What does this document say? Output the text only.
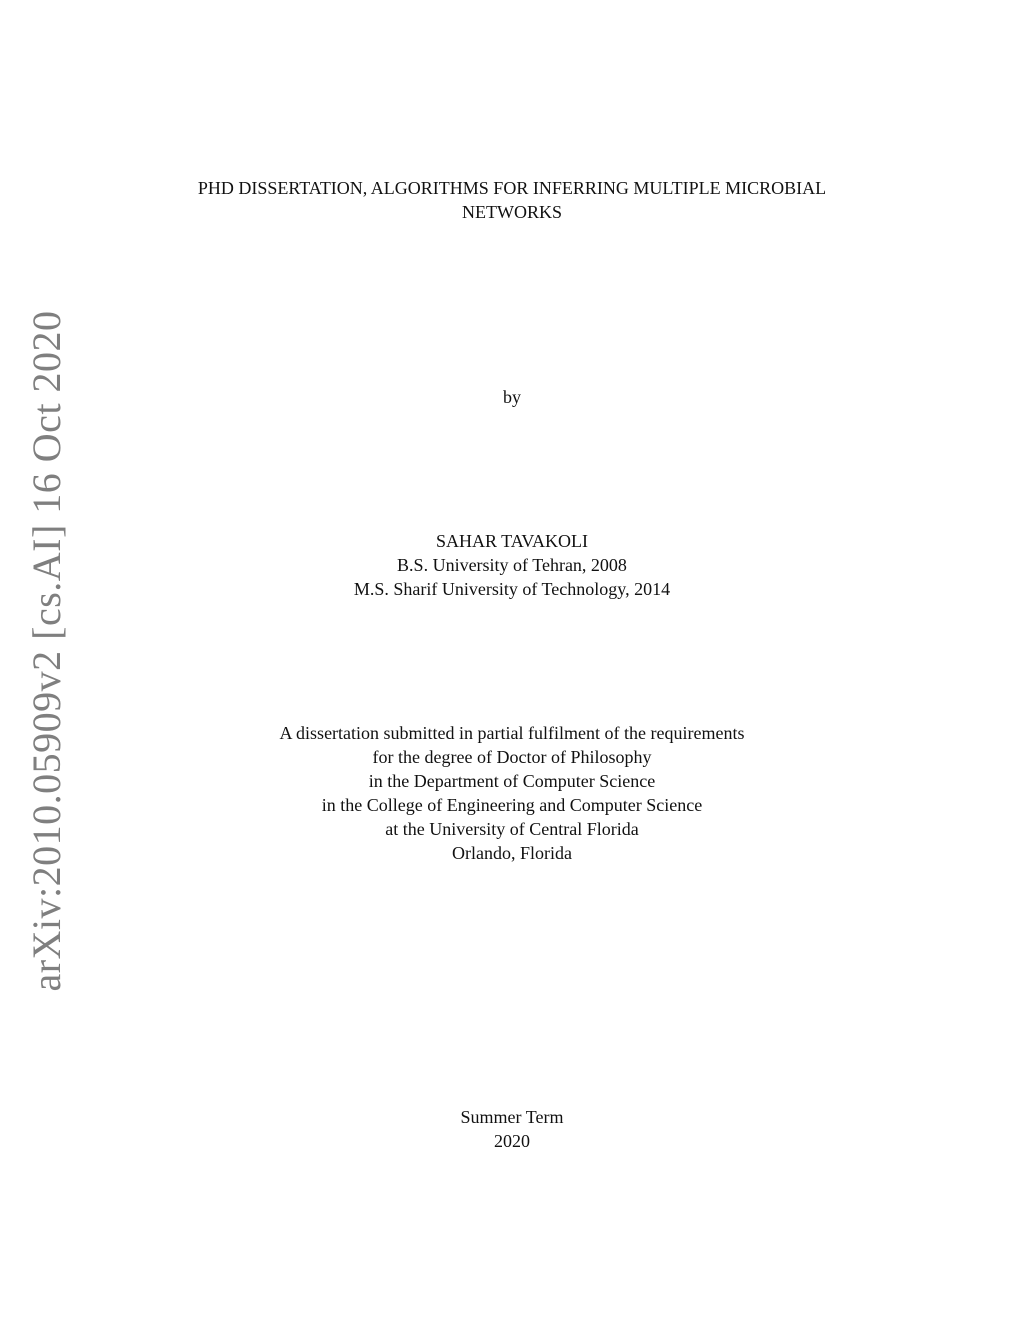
arXiv:2010.05909v2 [cs.AI] 16 Oct 2020
PHD DISSERTATION, ALGORITHMS FOR INFERRING MULTIPLE MICROBIAL
NETWORKS
by
SAHAR TAVAKOLI
B.S. University of Tehran, 2008
M.S. Sharif University of Technology, 2014
A dissertation submitted in partial fulfilment of the requirements
for the degree of Doctor of Philosophy
in the Department of Computer Science
in the College of Engineering and Computer Science
at the University of Central Florida
Orlando, Florida
Summer Term
2020
